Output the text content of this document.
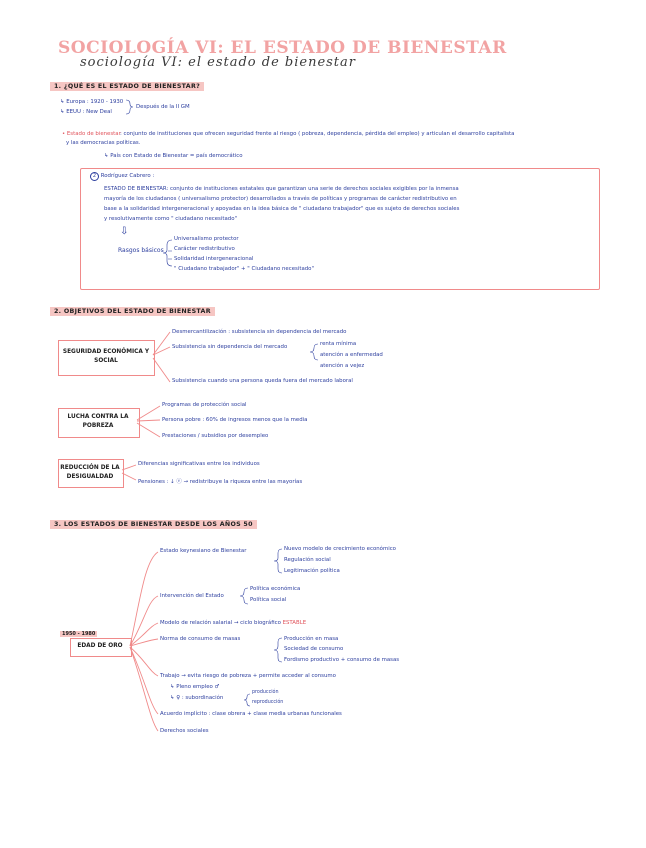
SOCIOLOGÍA VI: EL ESTADO DE BIENESTAR
sociología VI: el estado de bienestar
1. ¿QUÉ ES EL ESTADO DE BIENESTAR?
↳ Europa : 1920 - 1930
↳ EEUU : New Deal
Después de la II GM
• Estado de bienestar : conjunto de instituciones que ofrecen seguridad frente al riesgo ( pobreza, dependencia, pérdida del empleo) y articulan el desarrollo capitalista
y las democracias políticas.
↳ País con Estado de Bienestar = país democrático
2 Rodríguez Cabrero :
ESTADO DE BIENESTAR: conjunto de instituciones estatales que garantizan una serie de derechos sociales exigibles por la inmensa
mayoría de los ciudadanos ( universalismo protector) desarrollados a través de políticas y programas de carácter redistributivo en
base a la solidaridad intergeneracional y apoyadas en la idea básica de " ciudadano trabajador" que es sujeto de derechos sociales
y resolutivamente como " ciudadano necesitado"
⇩
Rasgos básicos
Universalismo protector
Carácter redistributivo
Solidaridad intergeneracional
" Ciudadano trabajador" + " Ciudadano necesitado"
2. OBJETIVOS DEL ESTADO DE BIENESTAR
SEGURIDAD ECONÓMICA Y SOCIAL
Desmercantilización : subsistencia sin dependencia del mercado
Subsistencia sin dependencia del mercado	renta mínima
atención a enfermedad
atención a vejez
Subsistencia cuando una persona queda fuera del mercado laboral
LUCHA CONTRA LA POBREZA
Programas de protección social
Persona pobre : 60% de ingresos menos que la media
Prestaciones / subsidios por desempleo
REDUCCIÓN DE LA DESIGUALDAD
Diferencias significativas entre los individuos
Pensiones : ↓ ⓔ → redistribuye la riqueza entre las mayorías
3. LOS ESTADOS DE BIENESTAR DESDE LOS AÑOS 50
1950 - 1980
EDAD DE ORO
Estado keynesiano de Bienestar	Nuevo modelo de crecimiento económico
Regulación social
Legitimación política
Intervención del Estado
Política económica
Política social
Modelo de relación salarial → ciclo biográfico ESTABLE
Norma de consumo de masas	Producción en masa
Sociedad de consumo
Fordismo productivo + consumo de masas
Trabajo → evita riesgo de pobreza + permite acceder al consumo
↳ Pleno empleo ♂
↳ ♀ : subordinación
producción
reproducción
Acuerdo implícito : clase obrera + clase media urbanas funcionales
Derechos sociales
